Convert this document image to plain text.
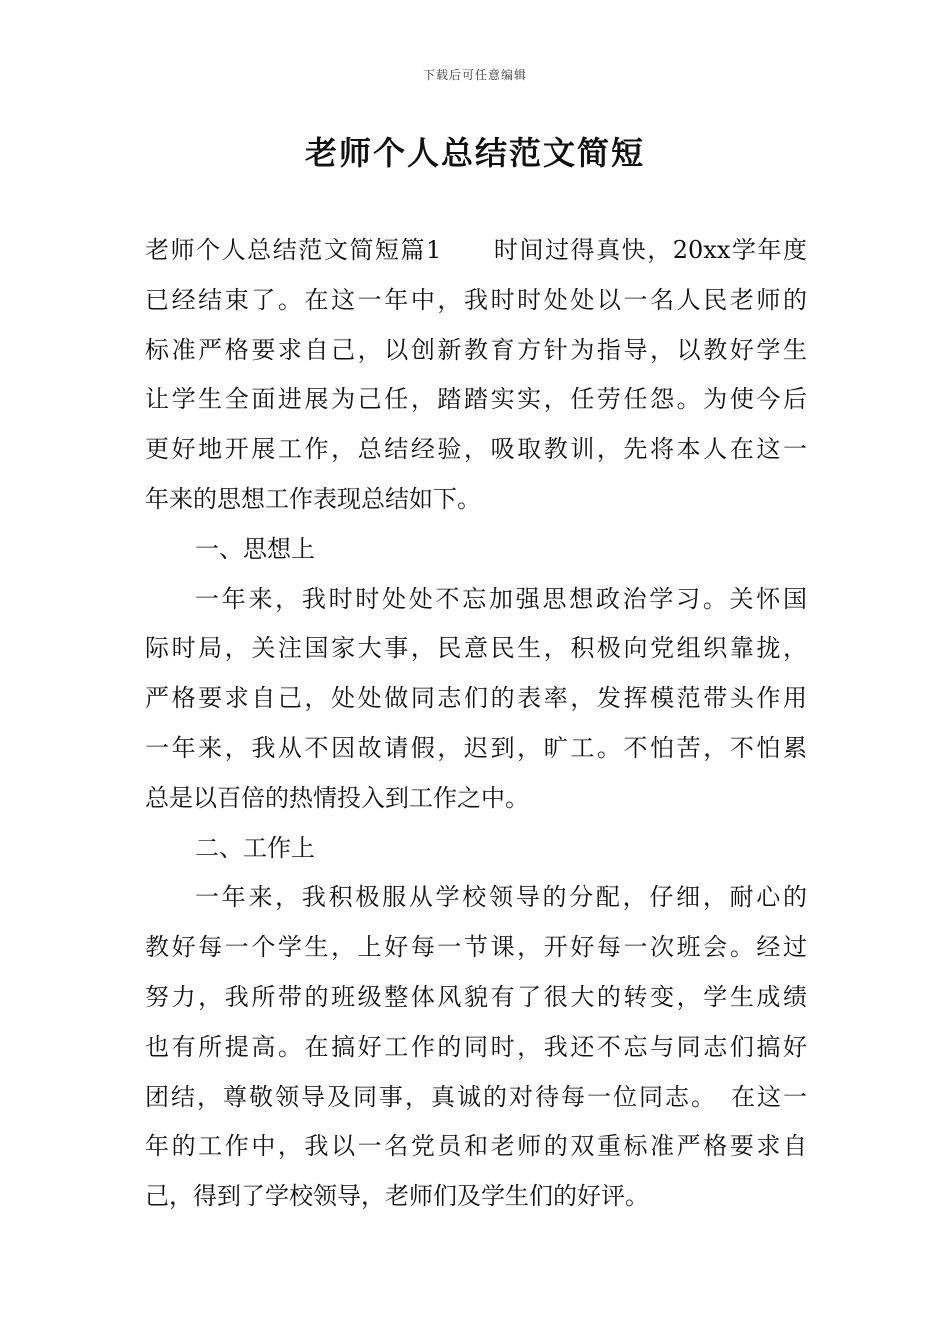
下载后可任意编辑
老师个人总结范文简短
老师个人总结范文简短篇1　　时间过得真快，20xx学年度
已经结束了。在这一年中，我时时处处以一名人民老师的
标准严格要求自己，以创新教育方针为指导，以教好学生
让学生全面进展为己任，踏踏实实，任劳任怨。为使今后
更好地开展工作，总结经验，吸取教训，先将本人在这一
年来的思想工作表现总结如下。
一、思想上
一年来，我时时处处不忘加强思想政治学习。关怀国
际时局，关注国家大事，民意民生，积极向党组织靠拢，
严格要求自己，处处做同志们的表率，发挥模范带头作用
一年来，我从不因故请假，迟到，旷工。不怕苦，不怕累
总是以百倍的热情投入到工作之中。
二、工作上
一年来，我积极服从学校领导的分配，仔细，耐心的
教好每一个学生，上好每一节课，开好每一次班会。经过
努力，我所带的班级整体风貌有了很大的转变，学生成绩
也有所提高。在搞好工作的同时，我还不忘与同志们搞好
团结，尊敬领导及同事，真诚的对待每一位同志。　在这一
年的工作中，我以一名党员和老师的双重标准严格要求自
己，得到了学校领导，老师们及学生们的好评。
